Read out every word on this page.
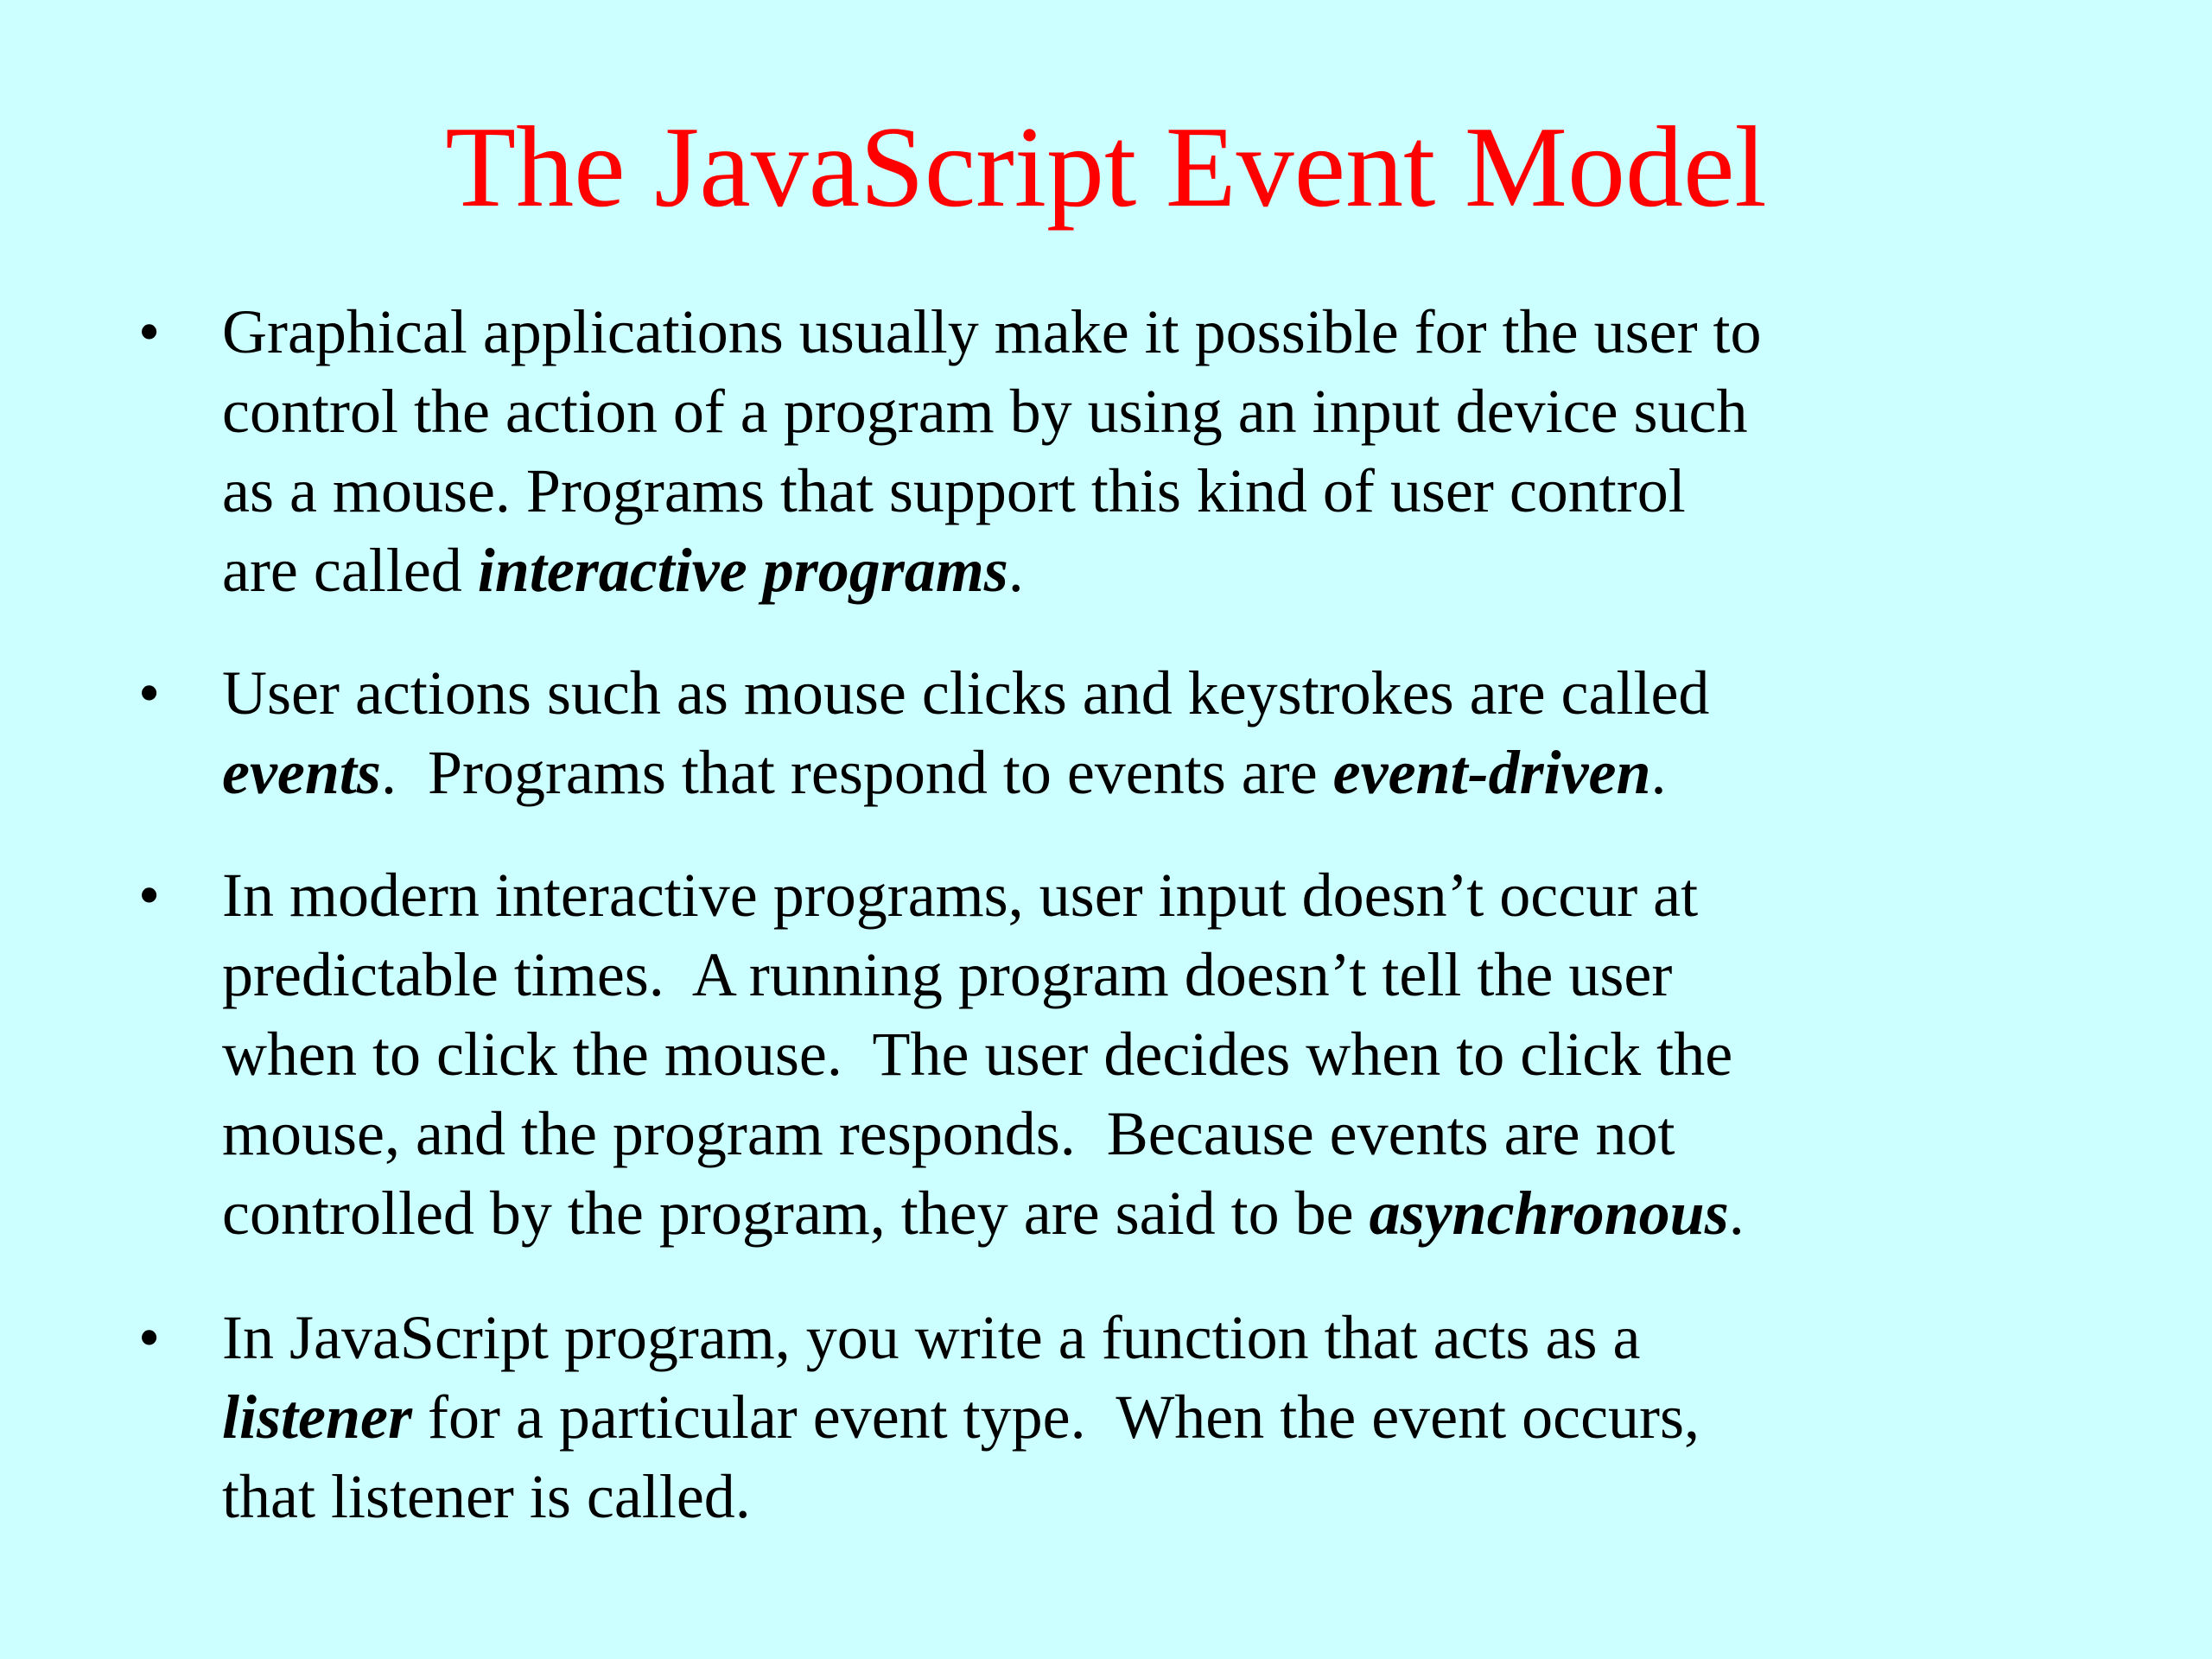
The JavaScript Event Model
• Graphical applications usually make it possible for the user to
control the action of a program by using an input device such
as a mouse. Programs that support this kind of user control
are called interactive programs.
• User actions such as mouse clicks and keystrokes are called
events.  Programs that respond to events are event-driven.
• In modern interactive programs, user input doesn’t occur at
predictable times.  A running program doesn’t tell the user
when to click the mouse.  The user decides when to click the
mouse, and the program responds.  Because events are not
controlled by the program, they are said to be asynchronous.
• In JavaScript program, you write a function that acts as a
listener for a particular event type.  When the event occurs,
that listener is called.
